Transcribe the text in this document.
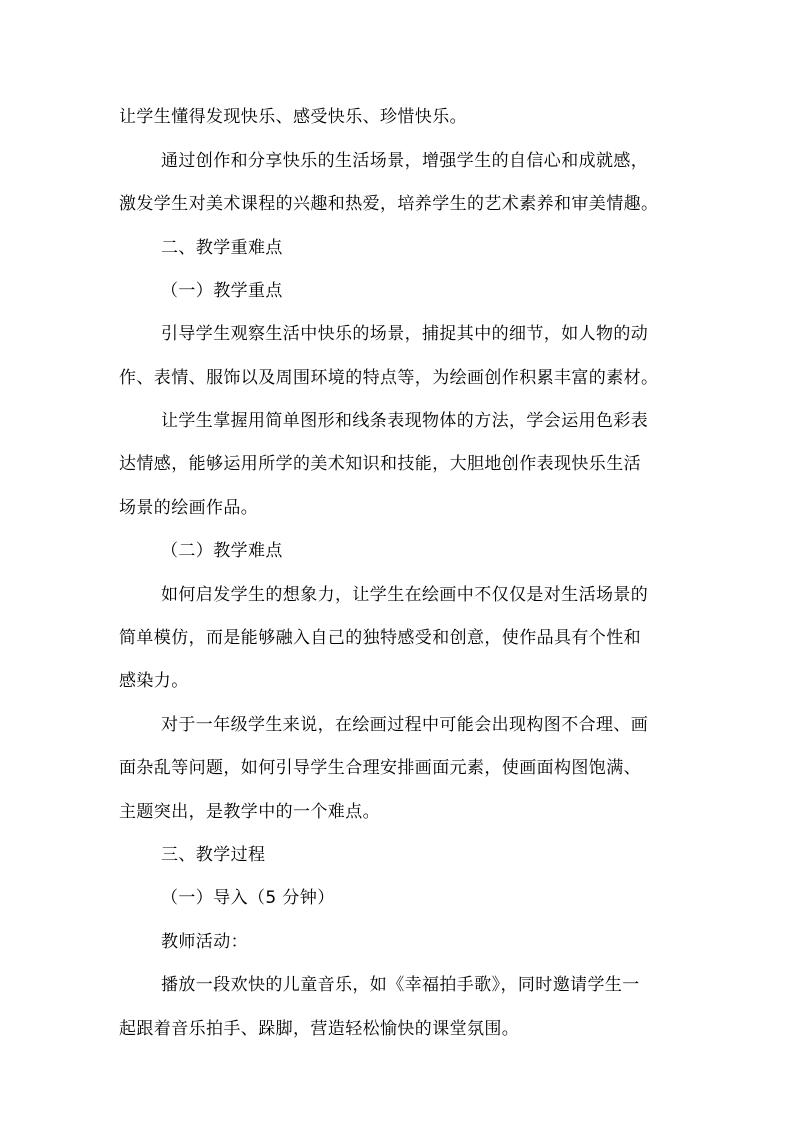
让学生懂得发现快乐、感受快乐、珍惜快乐。
通过创作和分享快乐的生活场景，增强学生的自信心和成就感，
激发学生对美术课程的兴趣和热爱，培养学生的艺术素养和审美情趣。
二、教学重难点
（一）教学重点
引导学生观察生活中快乐的场景，捕捉其中的细节，如人物的动
作、表情、服饰以及周围环境的特点等，为绘画创作积累丰富的素材。
让学生掌握用简单图形和线条表现物体的方法，学会运用色彩表
达情感，能够运用所学的美术知识和技能，大胆地创作表现快乐生活
场景的绘画作品。
（二）教学难点
如何启发学生的想象力，让学生在绘画中不仅仅是对生活场景的
简单模仿，而是能够融入自己的独特感受和创意，使作品具有个性和
感染力。
对于一年级学生来说，在绘画过程中可能会出现构图不合理、画
面杂乱等问题，如何引导学生合理安排画面元素，使画面构图饱满、
主题突出，是教学中的一个难点。
三、教学过程
（一）导入（5 分钟）
教师活动：
播放一段欢快的儿童音乐，如《幸福拍手歌》，同时邀请学生一
起跟着音乐拍手、跺脚，营造轻松愉快的课堂氛围。
